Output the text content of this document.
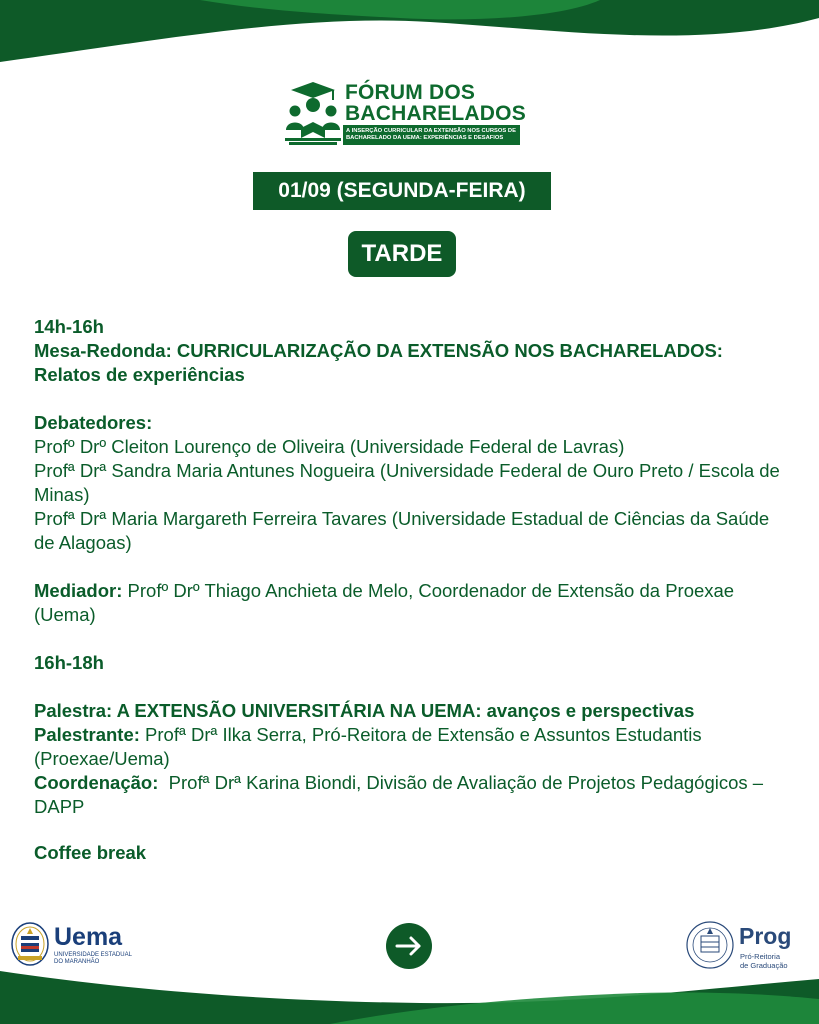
FÓRUM DOS
BACHARELADOS
A INSERÇÃO CURRICULAR DA EXTENSÃO NOS CURSOS DE
BACHARELADO DA UEMA: EXPERIÊNCIAS E DESAFIOS
01/09 (SEGUNDA-FEIRA)
TARDE

14h-16h

Mesa-Redonda: CURRICULARIZAÇÃO DA EXTENSÃO NOS BACHARELADOS:

Relatos de experiências

Debatedores:

Profº Drº Cleiton Lourenço de Oliveira (Universidade Federal de Lavras)

Profª Drª Sandra Maria Antunes Nogueira (Universidade Federal de Ouro Preto / Escola de Minas)

Profª Drª Maria Margareth Ferreira Tavares (Universidade Estadual de Ciências da Saúde de Alagoas)

Mediador: Profº Drº Thiago Anchieta de Melo, Coordenador de Extensão da Proexae (Uema)

16h-18h

Palestra: A EXTENSÃO UNIVERSITÁRIA NA UEMA: avanços e perspectivas

Palestrante: Profª Drª Ilka Serra, Pró-Reitora de Extensão e Assuntos Estudantis (Proexae/Uema)

Coordenação:  Profª Drª Karina Biondi, Divisão de Avaliação de Projetos Pedagógicos – DAPP

Coffee break

Uema
UNIVERSIDADE ESTADUAL
DO MARANHÃO
Prog
Pró-Reitoria
de Graduação
